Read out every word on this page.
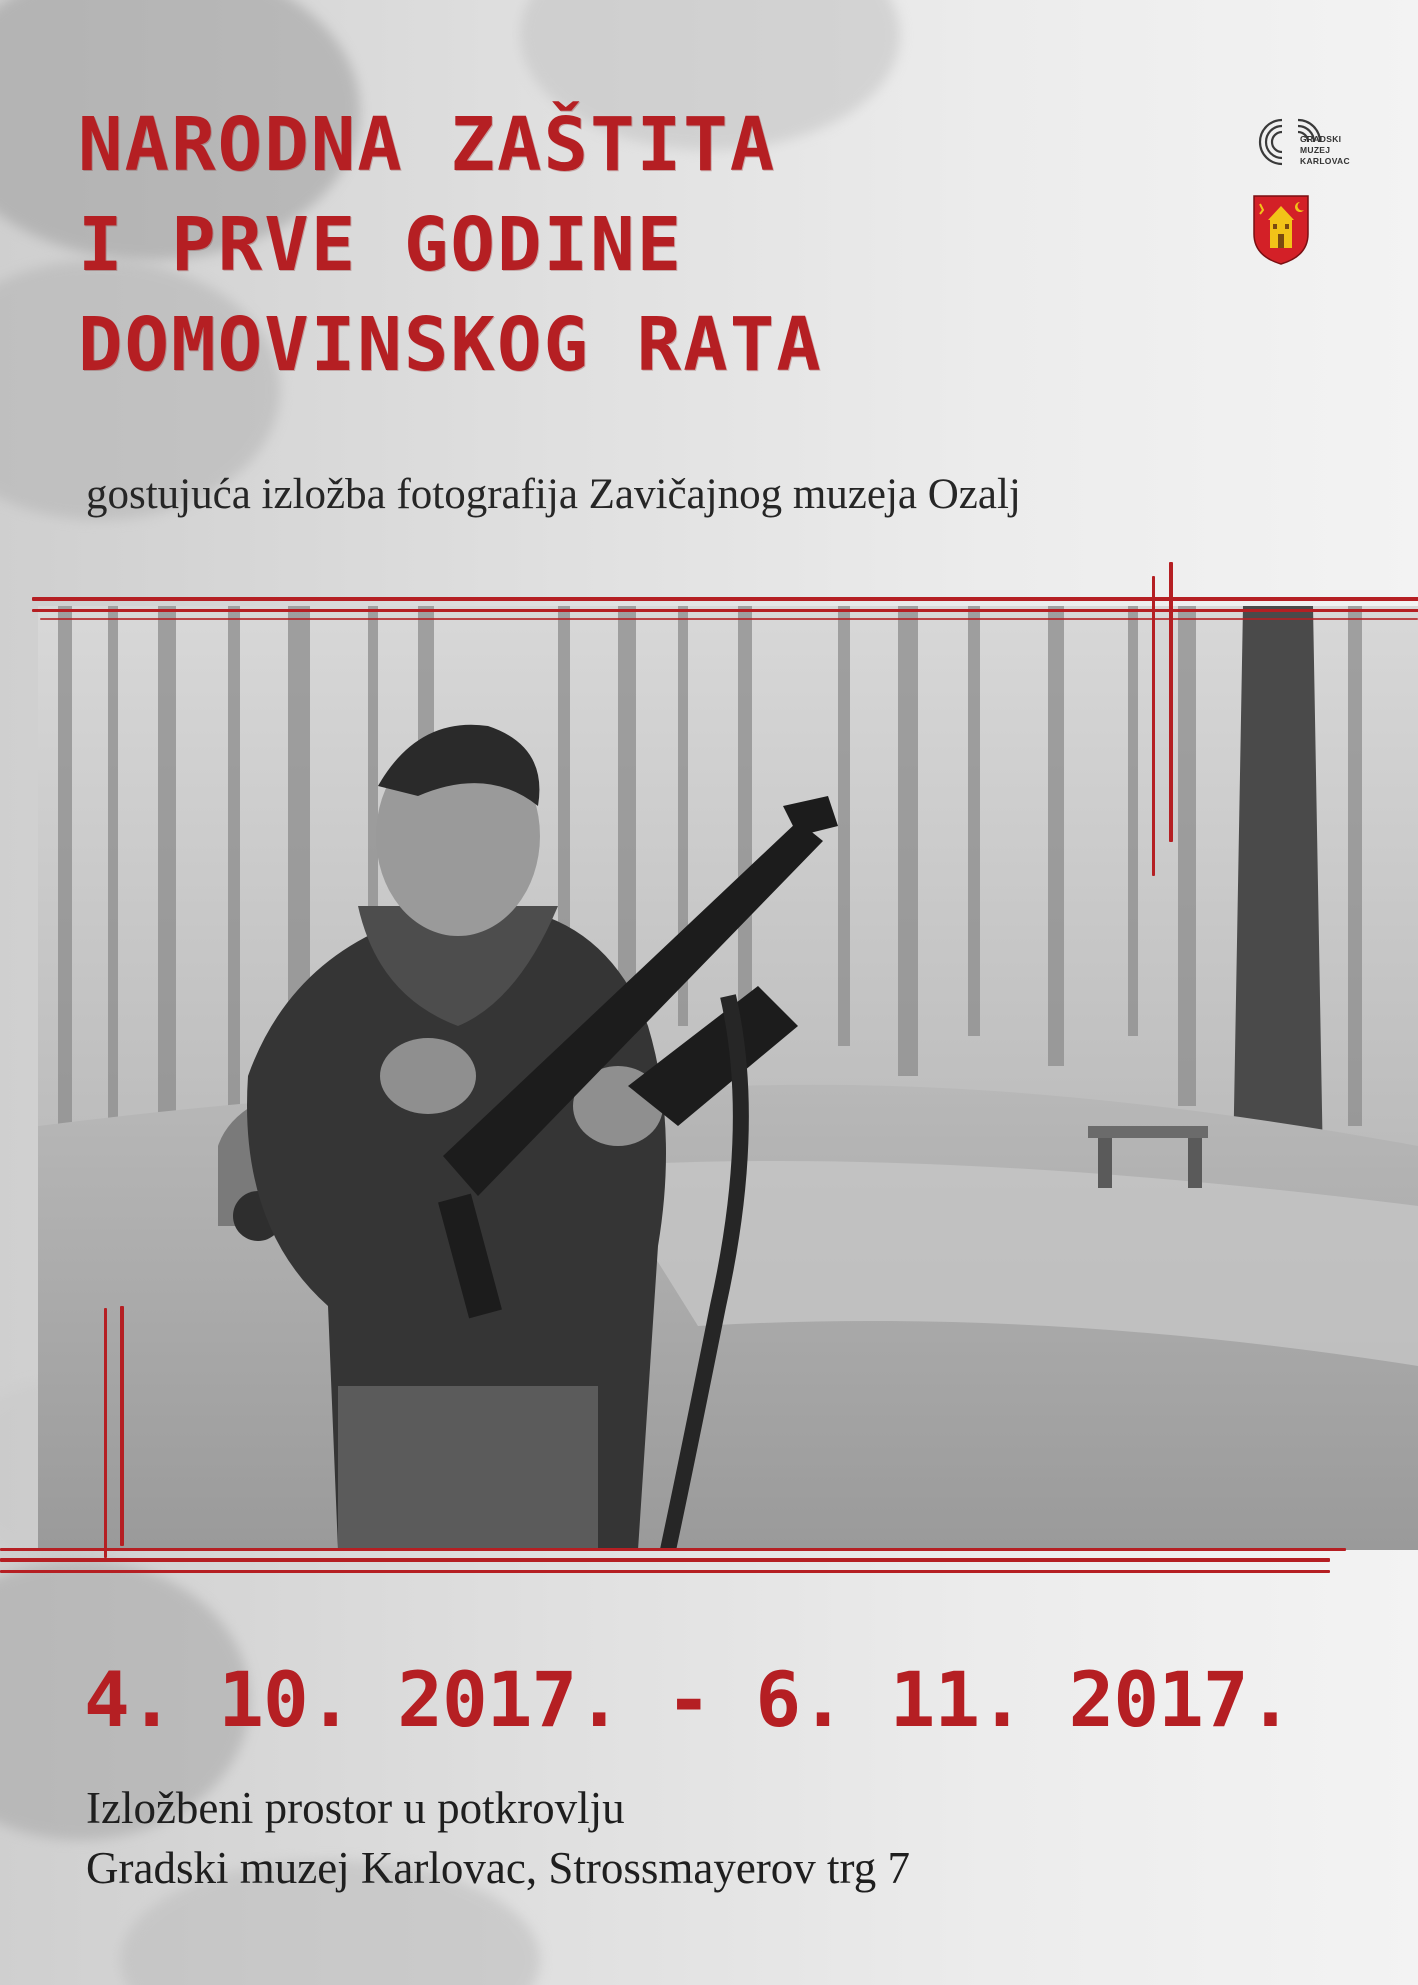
NARODNA ZAŠTITA
I PRVE GODINE
DOMOVINSKOG RATA
gostujuća izložba fotografija Zavičajnog muzeja Ozalj
GRADSKI
MUZEJ
KARLOVAC
4. 10. 2017. - 6. 11. 2017.
Izložbeni prostor u potkrovlju
Gradski muzej Karlovac, Strossmayerov trg 7
